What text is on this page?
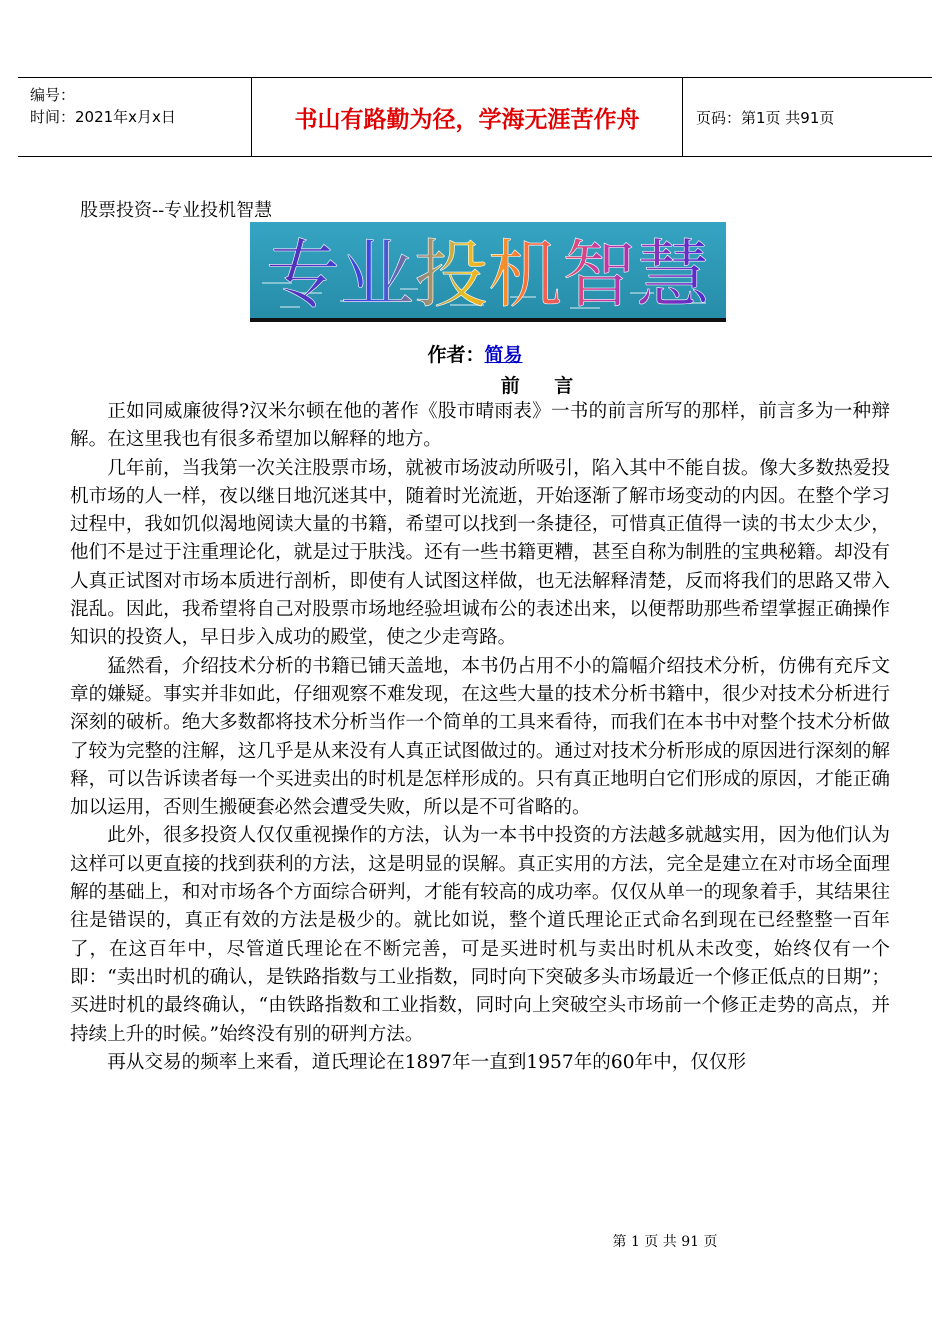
编号：
时间：2021年x月x日	书山有路勤为径，学海无涯苦作舟	页码：第1页 共91页
股票投资--专业投机智慧
专业投机智慧
作者：简易
前 言

正如同威廉彼得?汉米尔顿在他的著作《股市晴雨表》一书的前言所写的那样，前言多为一种辩解。在这里我也有很多希望加以解释的地方。

几年前，当我第一次关注股票市场，就被市场波动所吸引，陷入其中不能自拔。像大多数热爱投机市场的人一样，夜以继日地沉迷其中，随着时光流逝，开始逐渐了解市场变动的内因。在整个学习过程中，我如饥似渴地阅读大量的书籍，希望可以找到一条捷径，可惜真正值得一读的书太少太少，他们不是过于注重理论化，就是过于肤浅。还有一些书籍更糟，甚至自称为制胜的宝典秘籍。却没有人真正试图对市场本质进行剖析，即使有人试图这样做，也无法解释清楚，反而将我们的思路又带入混乱。因此，我希望将自己对股票市场地经验坦诚布公的表述出来，以便帮助那些希望掌握正确操作知识的投资人，早日步入成功的殿堂，使之少走弯路。

猛然看，介绍技术分析的书籍已铺天盖地，本书仍占用不小的篇幅介绍技术分析，仿佛有充斥文章的嫌疑。事实并非如此，仔细观察不难发现，在这些大量的技术分析书籍中，很少对技术分析进行深刻的破析。绝大多数都将技术分析当作一个简单的工具来看待，而我们在本书中对整个技术分析做了较为完整的注解，这几乎是从来没有人真正试图做过的。通过对技术分析形成的原因进行深刻的解释，可以告诉读者每一个买进卖出的时机是怎样形成的。只有真正地明白它们形成的原因，才能正确加以运用，否则生搬硬套必然会遭受失败，所以是不可省略的。

此外，很多投资人仅仅重视操作的方法，认为一本书中投资的方法越多就越实用，因为他们认为这样可以更直接的找到获利的方法，这是明显的误解。真正实用的方法，完全是建立在对市场全面理解的基础上，和对市场各个方面综合研判，才能有较高的成功率。仅仅从单一的现象着手，其结果往往是错误的，真正有效的方法是极少的。就比如说，整个道氏理论正式命名到现在已经整整一百年了，在这百年中，尽管道氏理论在不断完善，可是买进时机与卖出时机从未改变，始终仅有一个即：“卖出时机的确认，是铁路指数与工业指数，同时向下突破多头市场最近一个修正低点的日期”；买进时机的最终确认，“由铁路指数和工业指数，同时向上突破空头市场前一个修正走势的高点，并持续上升的时候。”始终没有别的研判方法。

再从交易的频率上来看，道氏理论在1897年一直到1957年的60年中，仅仅形

第 1 页 共 91 页
